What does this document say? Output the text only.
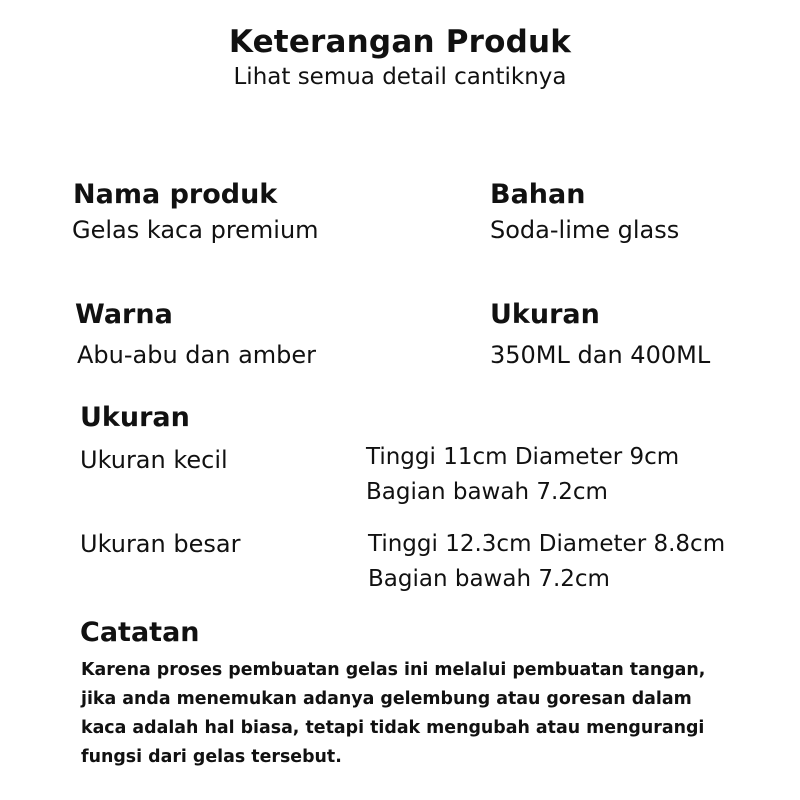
Keterangan Produk
Lihat semua detail cantiknya
Nama produk
Gelas kaca premium
Bahan
Soda-lime glass
Warna
Abu-abu dan amber
Ukuran
350ML dan 400ML
Ukuran
Ukuran kecil	Tinggi 11cm Diameter 9cm
Bagian bawah 7.2cm
Ukuran besar	Tinggi 12.3cm Diameter 8.8cm
Bagian bawah 7.2cm
Catatan
Karena proses pembuatan gelas ini melalui pembuatan tangan,
jika anda menemukan adanya gelembung atau goresan dalam
kaca adalah hal biasa, tetapi tidak mengubah atau mengurangi
fungsi dari gelas tersebut.
